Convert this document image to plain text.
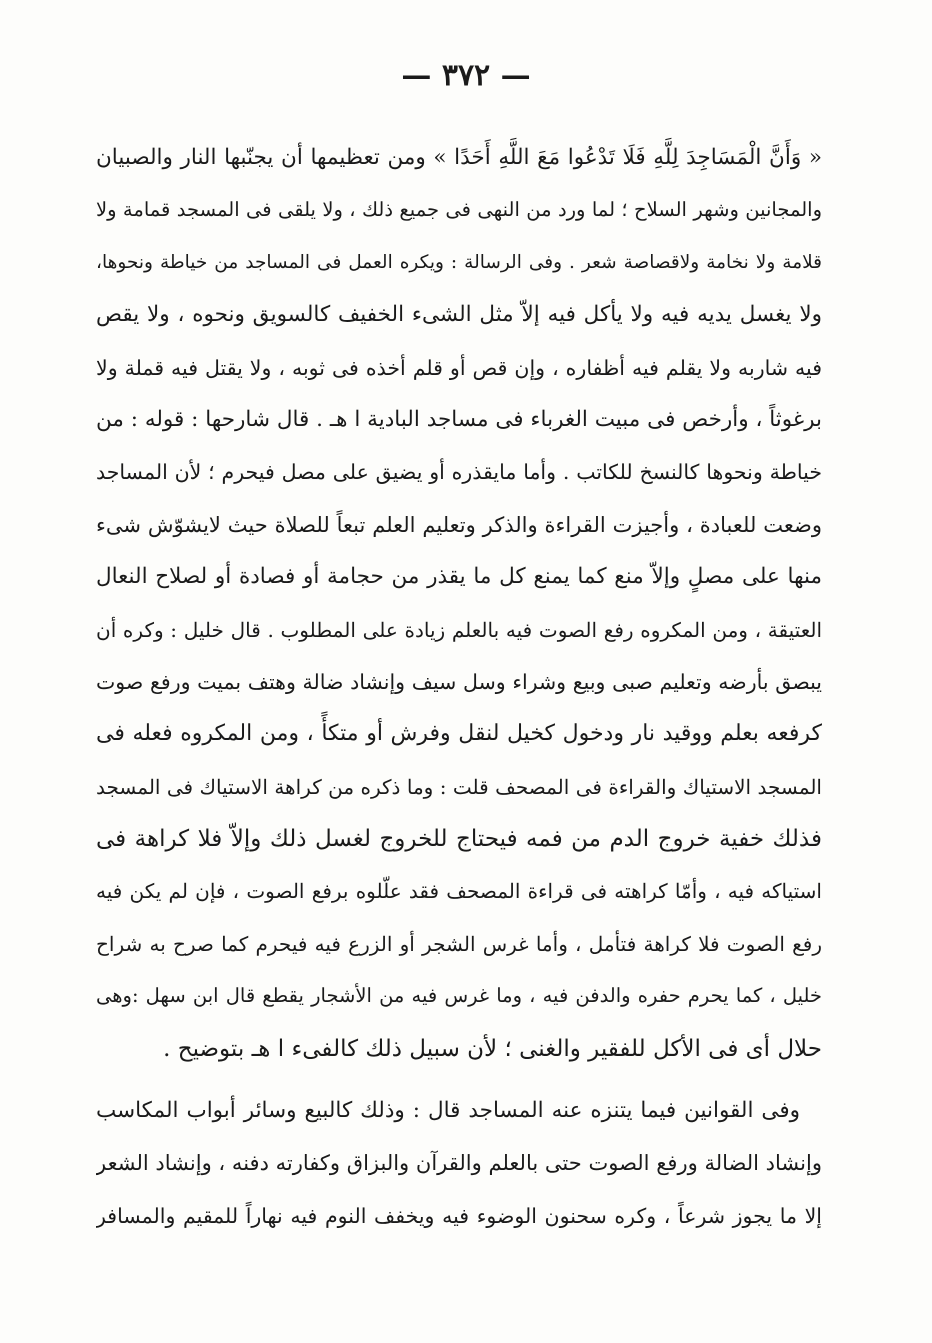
— ٣٧٢ —
« وَأَنَّ الْمَسَاجِدَ لِلَّهِ فَلَا تَدْعُوا مَعَ اللَّهِ أَحَدًا » ومن تعظيمها أن يجنّبها النار والصبيان
والمجانين وشهر السلاح ؛ لما ورد من النهى فى جميع ذلك ، ولا يلقى فى المسجد قمامة ولا
قلامة ولا نخامة ولاقصاصة شعر . وفى الرسالة : ويكره العمل فى المساجد من خياطة ونحوها،
ولا يغسل يديه فيه ولا يأكل فيه إلاّ مثل الشىء الخفيف كالسويق ونحوه ، ولا يقص
فيه شاربه ولا يقلم فيه أظفاره ، وإن قص أو قلم أخذه فى ثوبه ، ولا يقتل فيه قملة ولا
برغوثاً ، وأرخص فى مبيت الغرباء فى مساجد البادية ا هـ . قال شارحها : قوله : من
خياطة ونحوها كالنسخ للكاتب . وأما مايقذره أو يضيق على مصل فيحرم ؛ لأن المساجد
وضعت للعبادة ، وأجيزت القراءة والذكر وتعليم العلم تبعاً للصلاة حيث لايشوّش شىء
منها على مصلٍ وإلاّ منع كما يمنع كل ما يقذر من حجامة أو فصادة أو لصلاح النعال
العتيقة ، ومن المكروه رفع الصوت فيه بالعلم زيادة على المطلوب . قال خليل : وكره أن
يبصق بأرضه وتعليم صبى وبيع وشراء وسل سيف وإنشاد ضالة وهتف بميت ورفع صوت
كرفعه بعلم ووقيد نار ودخول كخيل لنقل وفرش أو متكأً ، ومن المكروه فعله فى
المسجد الاستياك والقراءة فى المصحف قلت : وما ذكره من كراهة الاستياك فى المسجد
فذلك خفية خروج الدم من فمه فيحتاج للخروج لغسل ذلك وإلاّ فلا كراهة فى
استياكه فيه ، وأمّا كراهته فى قراءة المصحف فقد علّلوه برفع الصوت ، فإن لم يكن فيه
رفع الصوت فلا كراهة فتأمل ، وأما غرس الشجر أو الزرع فيه فيحرم كما صرح به شراح
خليل ، كما يحرم حفره والدفن فيه ، وما غرس فيه من الأشجار يقطع قال ابن سهل :وهى
حلال أى فى الأكل للفقير والغنى ؛ لأن سبيل ذلك كالفىء ا هـ بتوضيح .
وفى القوانين فيما يتنزه عنه المساجد قال : وذلك كالبيع وسائر أبواب المكاسب
وإنشاد الضالة ورفع الصوت حتى بالعلم والقرآن والبزاق وكفارته دفنه ، وإنشاد الشعر
إلا ما يجوز شرعاً ، وكره سحنون الوضوء فيه ويخفف النوم فيه نهاراً للمقيم والمسافر
